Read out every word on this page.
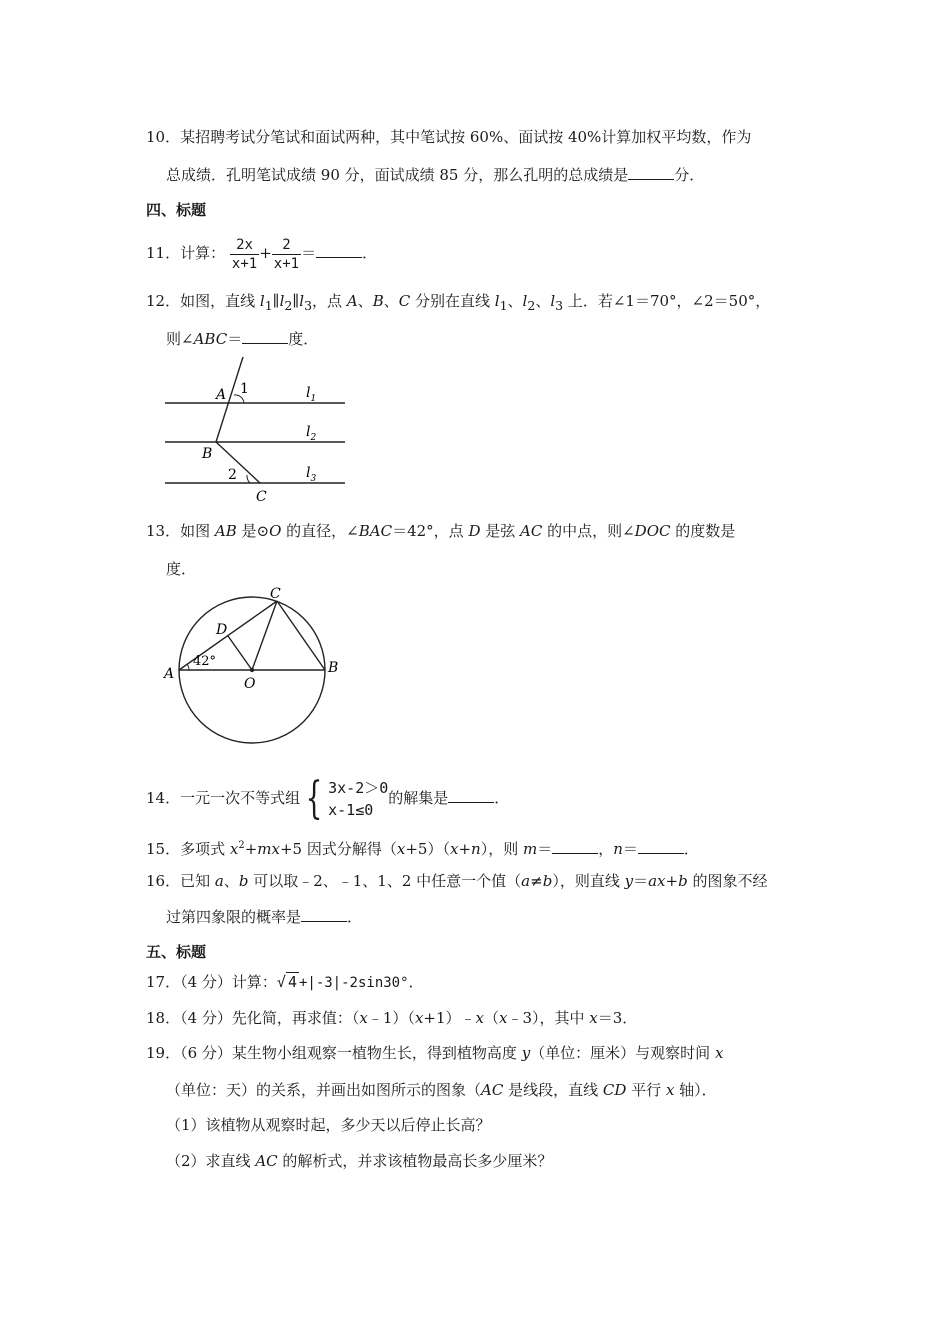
10．某招聘考试分笔试和面试两种，其中笔试按 60%、面试按 40%计算加权平均数，作为
总成绩．孔明笔试成绩 90 分，面试成绩 85 分，那么孔明的总成绩是	分．
四、标题
11．计算： $\frac{2x}{x+1} + \frac{2}{x+1}$ ＝	．
12．如图，直线 $l_1\parallel l_2\parallel l_3$，点 A、B、C 分别在直线 $l_1$、$l_2$、$l_3$ 上．若∠1＝70°，∠2＝50°，
则∠ABC＝	度．
A 1
B
2
C
$l_1$
$l_2$
$l_3$
13．如图 AB 是⊙O 的直径，∠BAC＝42°，点 D 是弦 AC 的中点，则∠DOC 的度数是
度．
A	B
C
D
O
42°
14．一元一次不等式组 { 3x-2＞0
x-1≤0
的解集是	．
15．多项式 $x^2+mx+5$ 因式分解得（x+5）（x+n），则 m＝	，n＝	．
16．已知 a、b 可以取﹣2、﹣1、1、2 中任意一个值（a≠b），则直线 y＝ax+b 的图象不经
过第四象限的概率是	．
五、标题
17．（4 分）计算：√ 4 +|-3|-2sin30°．
18．（4 分）先化简，再求值：（x﹣1）（x+1）﹣x（x﹣3），其中 x＝3．
19．（6 分）某生物小组观察一植物生长，得到植物高度 y（单位：厘米）与观察时间 x
（单位：天）的关系，并画出如图所示的图象（AC 是线段，直线 CD 平行 x 轴）．
（1）该植物从观察时起，多少天以后停止长高？
（2）求直线 AC 的解析式，并求该植物最高长多少厘米？
